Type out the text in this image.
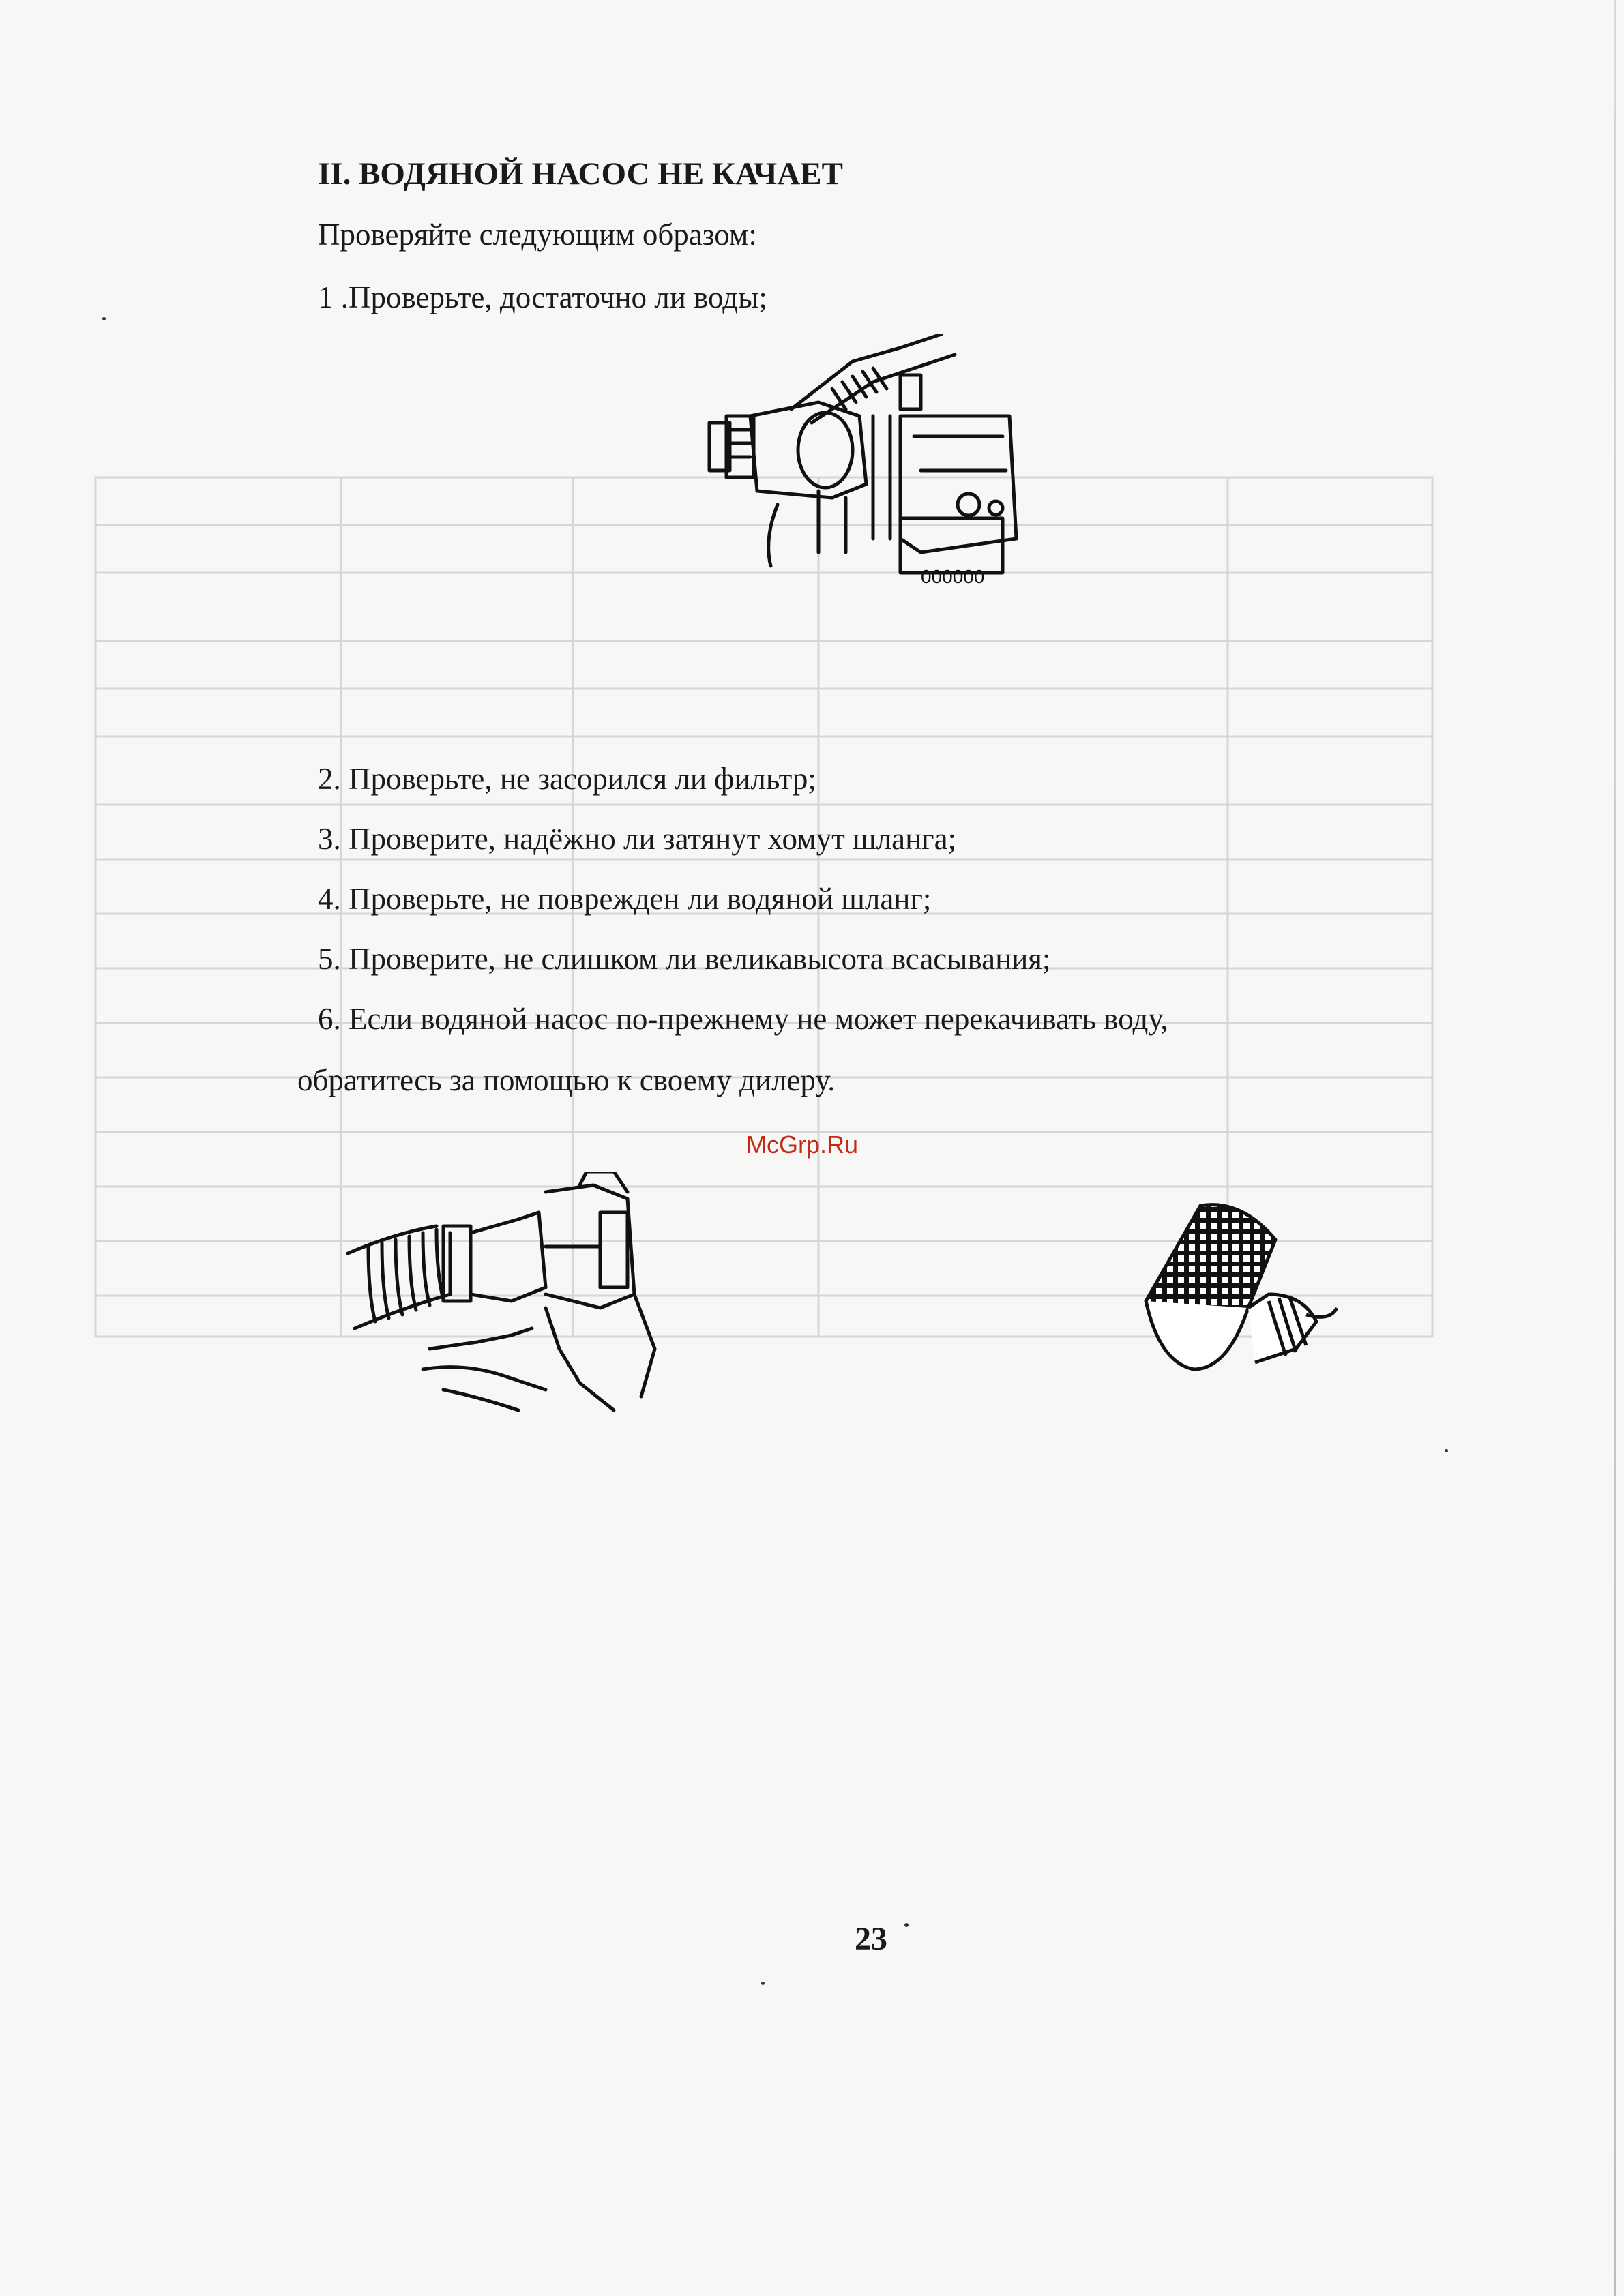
II. ВОДЯНОЙ НАСОС НЕ КАЧАЕТ
Проверяйте следующим образом:
1 .Проверьте, достаточно ли воды;
000000
2. Проверьте, не засорился ли фильтр;
3. Проверите, надёжно ли затянут хомут шланга;
4. Проверьте, не поврежден ли водяной шланг;
5. Проверите, не слишком ли великавысота всасывания;
6. Если водяной насос по-прежнему не может перекачивать воду,
обратитесь за помощью к своему дилеру.
McGrp.Ru
23
